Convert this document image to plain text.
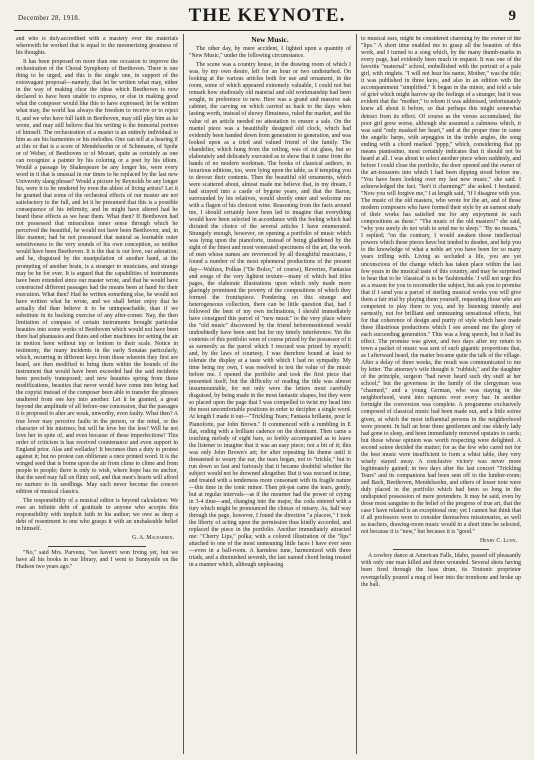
December 28, 1918.	THE KEYNOTE.	9

and who is duly.accredited with a mastery over the materials wherewith he worked that is equal to the mesmerizing greatness of his thoughts.

It has been proposed on more than one occasion to improve the orchestration of the Choral Symphony of Beethoven. There is one thing to be urged, and this is the single one, in support of the extravagant proposal—namely, that let be written what may, either in the way of making clear the ideas which Beethoven is now declared to have been unable to express, or else in making good what the composer would like this to have expressed; let be written what may, the world has always the freedom to receive or to reject it, and we who have full faith in Beethoven, may still play him as he wrote, and may still believe that his writing is the immortal portion of himself. The orchestration of a master is an entirely individual to him as are his harmonies or his melodies. One can tell at a hearing if at this or that is a score of Mendelssohn or of Schumann, of Spohr or of Weber, of Beethoven or of Mozart, quite as certainly as one can recognize a painter by his coloring or a poet by his idiom. Would a passage by Shakespeare be any longer his, were every word in it that is unusual in our times to be replaced by the last new University slang phrase? Would a picture by Reynolds be any longer his, were it to be rendered by even the ablest of living artists? Let it be granted that some of the orchestral effects of our master are not satisfactory to the full, and let it be presumed that this is a possible consequence of his infirmity, and he might have altered had he heard these effects as we hear them. What then? If Beethoven had not possessed that miraculous inner sense through which he perceived the beautiful, he would not have been Beethoven; and, in like manner, had he not possessed that natural as learnable outer sensitiveness to the very sounds of his own conception, so neither would have been Beethoven. It is the that is our love, our adoration; and he, disguised by the manipulation of another hand, at the prompting of another brain, is a stranger to musicians, and strange may be he for ever. It is argued that the capabilities of instruments have been extended since our master wrote, and that he would have constructed different passages had the means been at hand for their execution. What then? Had he written something else, he would not have written what he wrote, and we shall better enjoy that he actually did than believe it to be unimpeachable, than if we substitute in its backing exercise of any after-comer. Nay, the then limitation of compass of certain instruments brought particular beauties into some works of Beethoven which would not have been there had phantasies and flutes and other machines for setting the air in motion been without top or bottom to their scale. Notice in testimony, the many incidents in the early Sonatas particularly, which, recurring in different keys from those wherein they first are heard, are then modified to bring them within the bounds of the instrument that would have been exceeded had the said incidents been precisely transposed; and new beauties spring from these modifications, beauties that never would have come into being had the copyist instead of the composer been able to transfer the phrases unaltered from one key into another. Let it be granted, a great beyond the amplitude of all before-one concession, that the passages it is proposed to alter are weak, unworthy, even faulty. What then? A true lover may perceive faults in the person, or the mind, or the character of his mistress; but will he love her the less? Will he not love her in spite of, and even because of these imperfections? This order of criticism is has received countenance and even support in England prior. Alas and welladay! It becomes then a duty to protest against it; but no protest can obliterate a once printed word. It is the winged seed that is borne upon the air from clime to clime and from people to people; there is only to wish, where hope has no anchor, that the seed may fall on flinty soil, and that men's hearts will afford no nurture to its seedlings. May such never become the concert edition of musical classics.

The responsibility of a musical editor is beyond calculation. We owe an infinite debt of gratitude to anyone who accepts this responsibility with implicit faith in his author; we owe as deep a debt of resentment to one who grasps it with an unshakeable belief in himself.

G. A. Macfarren.

"No," said Mrs. Parvenu, "we haven't won Irving yet, but we have all his books in our library, and I went to Sunnyside on the Hudson two years ago."

New Music.

The other day, by mere accident, I lighted upon a quantity of "New Music," under the following circumstance.

The scene was a country house, in the drawing room of which I was, by my own desire, left for an hour or two undisturbed. On looking at the various articles both for use and ornament, in the room, some of which appeared extremely valuable, I could not but remark how studiously old material and old workmanship had been sought, in preference to new. Here was a grand and massive oak cabinet, the carving on which carried us back to the days when lasting worth, instead of showy flimsiness, ruled the market, and the value of an article needed no attestation to ensure a sale. On the mantel piece was a beautifully designed old clock, which had evidently been handed down from generation to generation, and was looked upon as a tried and valued friend of the family. The chandelier, which hung from the ceiling, was of cut glass, but so elaborately and delicately executed as to show that it came from the hands of no modern workman. The books of classical authors, in luxurious editions, too, were lying upon the table, as if tempting you to devour their contents. Then the beautiful old ornaments, which were scattered about, almost made me believe that, in my dream, I had strayed into a castle of bygone years, and that the Baron, surrounded by his relatives, would shortly enter and welcome me with a flagon of his choicest wine. Reasoning from the facts around me, I should certainly have been led to imagine that everything would have been selected in accordance with the feeling which had dictated the choice of the several articles I have enumerated. Strangely enough, however, on opening a portfolio of music which was lying upon the pianoforte, instead of being gladdened by the sight of the finest and most venerated specimens of the art, the work of men whose names are reverenced by all thoughtful musicians, I found a number of the most ephemeral productions of the present day—Waltzes, Polkas ("De Bolso," of course), Reveries, Fantasias and songs of the very lightest texture—many of which had titles pages, the elaborate illustrations upon which only made more glaringly prominent the poverty of the compositions of which they formed the frontispiece. Pondering on this strange and heterogeneous collection, there can be little question that, had I followed the bent of my own inclinations, I should immediately have consigned this parcel of "new music" to the very place where the "old music" discovered by the friend beforementioned would undoubtedly have been sent but for my timely interference. Yet the contents of this portfolio were of course prized by the possessor of it as earnestly as the parcel which I rescued was prized by myself; and, by the laws of courtesy, I was therefore bound at least to tolerate the display at a taste with which I had no sympathy. My time being my own, I was resolved to test the value of the music before me. I opened the portfolio and took the first piece that presented itself; but the difficulty of reading the title was almost insurmountable, for not only were the letters most carefully disguised, by being made in the most fantastic shapes, but they were so placed upon the page that I was compelled to twist my head into the most uncomfortable positions in order to decipher a single word. At length I made it out—"Trickling Tears; Fantasia brillante, pour le Pianoforte, par John Brown." It commenced with a rumbling in E flat, ending with a brilliant cadence on the dominant. Then came a touching melody of eight bars, so feebly accompanied as to leave the listener to imagine that it was an easy piece; not a bit of it; this was only John Brown's art; for after repeating his theme until it threatened to weary the ear, the tears began, not to "trickle," but to run down so fast and furiously that it became doubtful whether the subject would not be drowned altogether. But it was rescued in time, and treated with a tenderness more consonant with its fragile nature—this time in the tonic minor. Then pit-pat came the tears, gently, but at regular intervals—as if the mourner had the power of crying in 3-4 time—and, changing into the major, the coda entered with a fury which might be pronounced the climax of misery. As, half way through the page, however, I found the direction "a placere," I took the liberty of acting upon the permission thus kindly accorded, and replaced the piece in the portfolio. Another immediately attracted me: "Cherry Lips," polka; with a colored illustration of the "lips" attached to one of the most unmeaning little faces I have ever seen—even in a ball-room. A harmless tune, harmonized with three triads, and a diminished seventh, the last named chord being treated in a manner which, although unpleasing

to musical ears, might be considered charming by the owner of the "lips." A short time enabled me to grasp all the beauties of this work, and I turned to a song which, by the many thumb-marks in every page, had evidently been much in request. It was one of the favorite "maternal" school, embellished with the portrait of a pale girl, with ringlets. "I will not hear his name, Mother," was the title; it was published in three keys, and also in an edition with the accompaniment "simplified." It began in the minor, and told a tale of grief which might harrow up the feelings of a stranger, but it was evident that the "mother," to whom it was addressed, unfortunately knew all about it before, so that perhaps this might somewhat detract from its effect. Of course as the verses accumulated, the poor girl grew worse, although she assumed a calmness which, it was said "only masked her heart," and at the proper time in came the angelic harps, with arpeggios in the treble angles, the song ending with a chord marked "pppp," which, considering that pp means pianissimo, most certainly indicates that it should not be heard at all. I was about to select another piece when suddenly, and before I could close the portfolio, the door opened and the owner of the art-treasures into which I had been dipping stood before me. "You have been looking over my last new music," she said. I acknowledged the fact. "Isn't it charming?" she asked. I hesitated. "Now you will forgive me," I at length said, "if I disagree with you. The music of the old masters, who wrote for the art, and of those modern composers who have formed their style by an earnest study of their works has satisfied me for any enjoyment in such compositions as these." "The music of the old masters!" she said, "why you surely do not wish to send me to sleep." "By no means," I replied; "on the contrary, I would awaken those intellectual powers which these pieces have but tended to deaden, and help you to the knowledge of what a noble art you have been for so many years trifling with. Living as secluded a life, you are yet unconscious of the change which has taken place within the last few years in the musical taste of this country, and may be surprised to hear that to be 'classical' is to be 'fashionable.' I will not urge this as a reason for you to reconsider the subject, but ask you to promise that if I send you a parcel of sterling musical works you will give them a fair trial by playing them yourself, requesting those who are competent to play them to you, and by listening intently and earnestly, not for brilliant and unmeaning sensational effects, but for that coherence of design and purity of style which have made these illustrious productions which I see around me the glory of each succeeding generation." This was a long speech, but it had its effect. The promise was given, and two days after my return to town a packet of music was sent of such gigantic proportions that, as I afterward heard, the matter became quite the talk of the village. After a delay of three weeks, the result was communicated to me by letter. The attorney's wife thought it "rubbish," and the daughter of the principle, surgeon "had never heard such dry stuff at her school;" but the governess in the family of the clergyman was "charmed," and a young German, who was staying in the neighborhood, went into raptures over every bar. In another fortnight the conversion was complete. A programme exclusively composed of classical music had been made out, and a little soiree given, at which the most influential persons in the neighborhood were present. In half an hour three gentlemen and one elderly lady had gone to sleep, and been immediately removed upstairs to cards; but those whose opinion was worth respecting were delighted. A second soiree decided the matter; for as the few who cared not for the best music were insufficient to form a whist table, they very wisely stayed away. A conclusive victory was never more legitimately gained; in two days after the last concert "Trickling Tears" and its companions had been sent off to the lumber-room; and Bach, Beethoven, Mendelssohn, and others of lesser note were duly placed in the portfolio which had been so long in the undisputed possession of mere pretenders. It may be said, even by those most sanguine in the belief of the progress of true art, that the case I have related is an exceptional one; yet I cannot but think that if all professors were to consider themselves missionaries, as well as teachers, drawing-room music would in a short time be selected, not because it is "new," but because it is "good."

Henry C. Lunn.

A cowboy dance at American Falls, Idaho, passed off pleasantly with only one man killed and three wounded. Several shots having been fired through the bass drum, its Teutonic proprietor revengefully poured a mug of beer into the trombone and broke up the ball.
